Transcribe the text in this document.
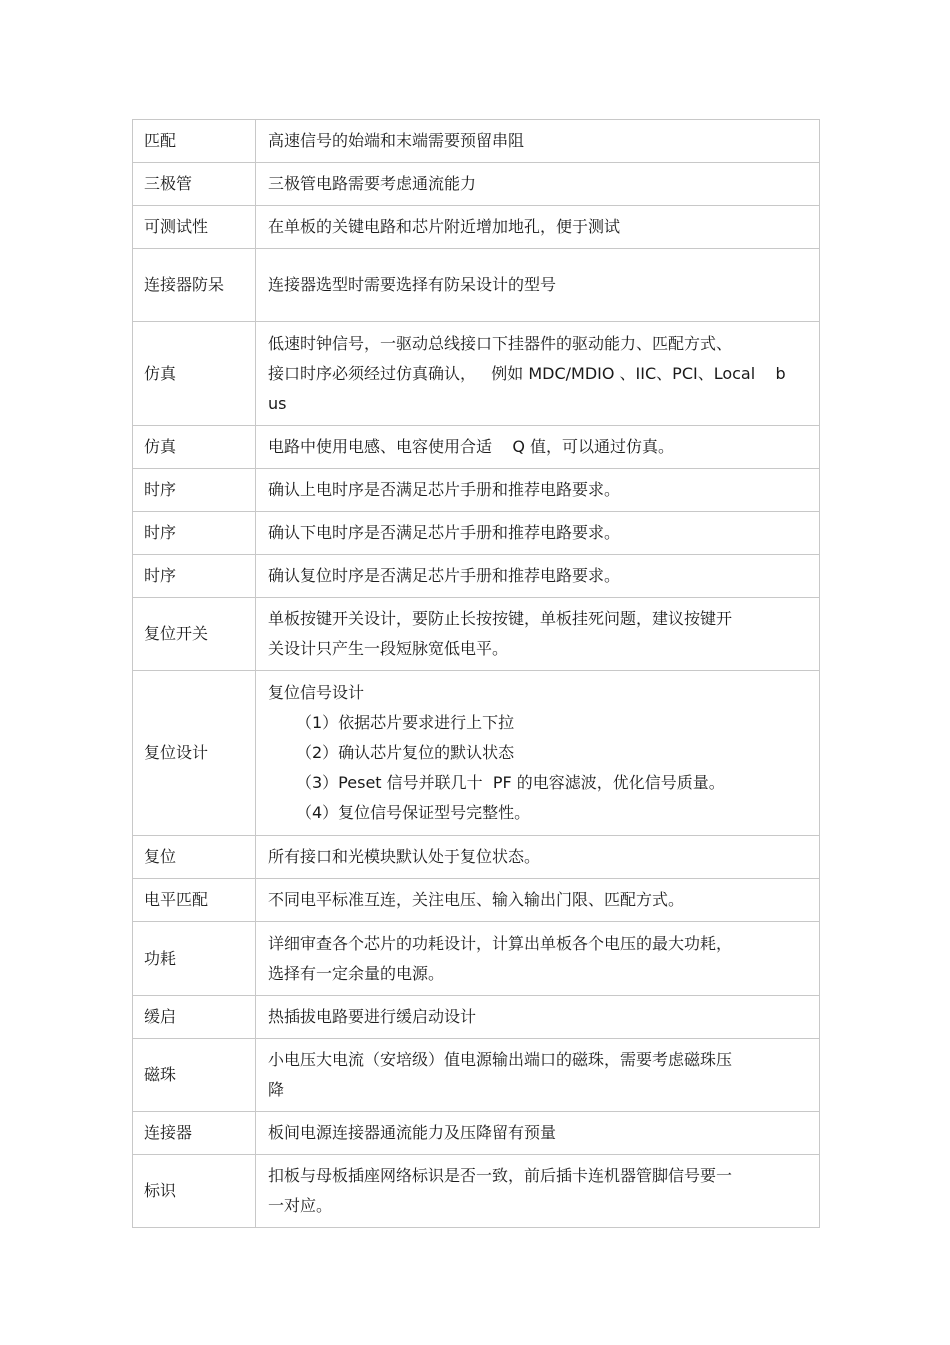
匹配	高速信号的始端和末端需要预留串阻

三极管	三极管电路需要考虑通流能力

可测试性	在单板的关键电路和芯片附近增加地孔，便于测试

连接器防呆	连接器选型时需要选择有防呆设计的型号

仿真	低速时钟信号，一驱动总线接口下挂器件的驱动能力、匹配方式、
接口时序必须经过仿真确认，   例如 MDC/MDIO 、IIC、PCI、Local    b
us

仿真	电路中使用电感、电容使用合适    Q 值，可以通过仿真。

时序	确认上电时序是否满足芯片手册和推荐电路要求。

时序	确认下电时序是否满足芯片手册和推荐电路要求。

时序	确认复位时序是否满足芯片手册和推荐电路要求。

复位开关	单板按键开关设计，要防止长按按键，单板挂死问题，建议按键开
关设计只产生一段短脉宽低电平。

复位设计	复位信号设计
（1）依据芯片要求进行上下拉
（2）确认芯片复位的默认状态
（3）Peset 信号并联几十  PF 的电容滤波，优化信号质量。
（4）复位信号保证型号完整性。

复位	所有接口和光模块默认处于复位状态。

电平匹配	不同电平标准互连，关注电压、输入输出门限、匹配方式。

功耗	详细审查各个芯片的功耗设计，计算出单板各个电压的最大功耗，
选择有一定余量的电源。

缓启	热插拔电路要进行缓启动设计

磁珠	小电压大电流（安培级）值电源输出端口的磁珠，需要考虑磁珠压
降

连接器	板间电源连接器通流能力及压降留有预量

标识	扣板与母板插座网络标识是否一致，前后插卡连机器管脚信号要一
一对应。
